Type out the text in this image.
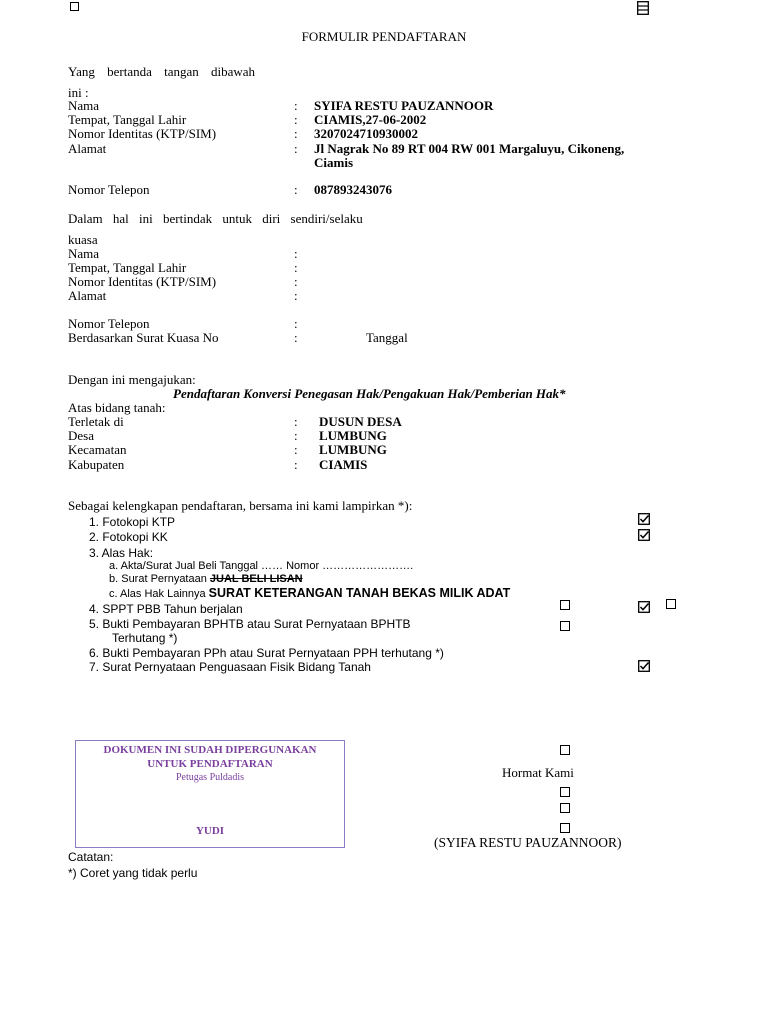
FORMULIR PENDAFTARAN
Yang bertanda tangan dibawah
ini :
Nama	: SYIFA RESTU PAUZANNOOR
Tempat, Tanggal Lahir	: CIAMIS,27-06-2002
Nomor Identitas (KTP/SIM)	: 3207024710930002
Alamat	: Jl Nagrak No 89 RT 004 RW 001 Margaluyu, Cikoneng,
Ciamis
Nomor Telepon	: 087893243076
Dalam hal ini bertindak untuk diri sendiri/selaku
kuasa
Nama	:
Tempat, Tanggal Lahir	:
Nomor Identitas (KTP/SIM)	:
Alamat	:
Nomor Telepon	:
Berdasarkan Surat Kuasa No	:	Tanggal
Dengan ini mengajukan:
Pendaftaran Konversi Penegasan Hak/Pengakuan Hak/Pemberian Hak*
Atas bidang tanah:
Terletak di	: DUSUN DESA
Desa	: LUMBUNG
Kecamatan	: LUMBUNG
Kabupaten	: CIAMIS
Sebagai kelengkapan pendaftaran, bersama ini kami lampirkan *):
1. Fotokopi KTP
2. Fotokopi KK
3. Alas Hak:
a. Akta/Surat Jual Beli Tanggal …… Nomor …………………….
b. Surat Pernyataan JUAL BELI LISAN
c. Alas Hak Lainnya SURAT KETERANGAN TANAH BEKAS MILIK ADAT
4. SPPT PBB Tahun berjalan
5. Bukti Pembayaran BPHTB atau Surat Pernyataan BPHTB
Terhutang *)
6. Bukti Pembayaran PPh atau Surat Pernyataan PPH terhutang *)
7. Surat Pernyataan Penguasaan Fisik Bidang Tanah
DOKUMEN INI SUDAH DIPERGUNAKAN
UNTUK PENDAFTARAN
Petugas Puldadis
YUDI
Hormat Kami
(SYIFA RESTU PAUZANNOOR)
Catatan:
*) Coret yang tidak perlu
